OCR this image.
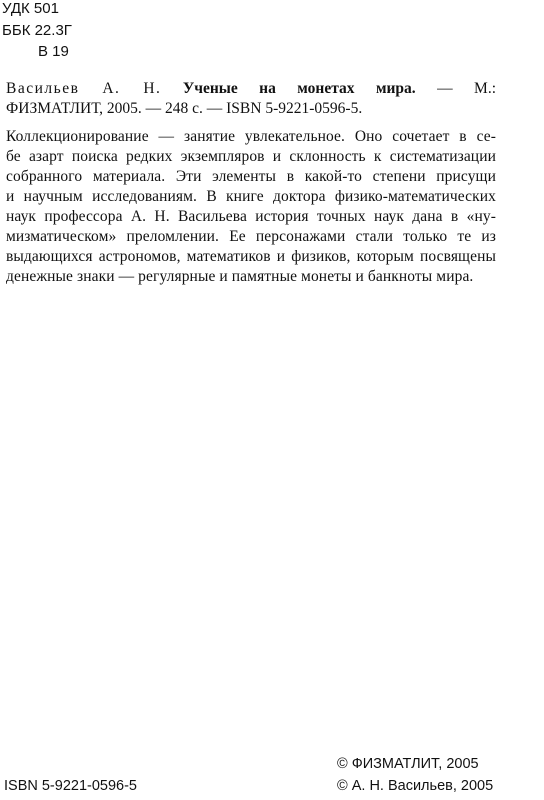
УДК 501
ББК 22.3Г
В 19
Васильев А. Н. Ученые на монетах мира. — М.:
ФИЗМАТЛИТ, 2005. — 248 с. — ISBN 5-9221-0596-5.
Коллекционирование — занятие увлекательное. Оно сочетает в се-
бе азарт поиска редких экземпляров и склонность к систематизации
собранного материала. Эти элементы в какой-то степени присущи
и научным исследованиям. В книге доктора физико-математических
наук профессора А. Н. Васильева история точных наук дана в «ну-
мизматическом» преломлении. Ее персонажами стали только те из
выдающихся астрономов, математиков и физиков, которым посвящены
денежные знаки — регулярные и памятные монеты и банкноты мира.
© ФИЗМАТЛИТ, 2005
ISBN 5-9221-0596-5	© А. Н. Васильев, 2005
